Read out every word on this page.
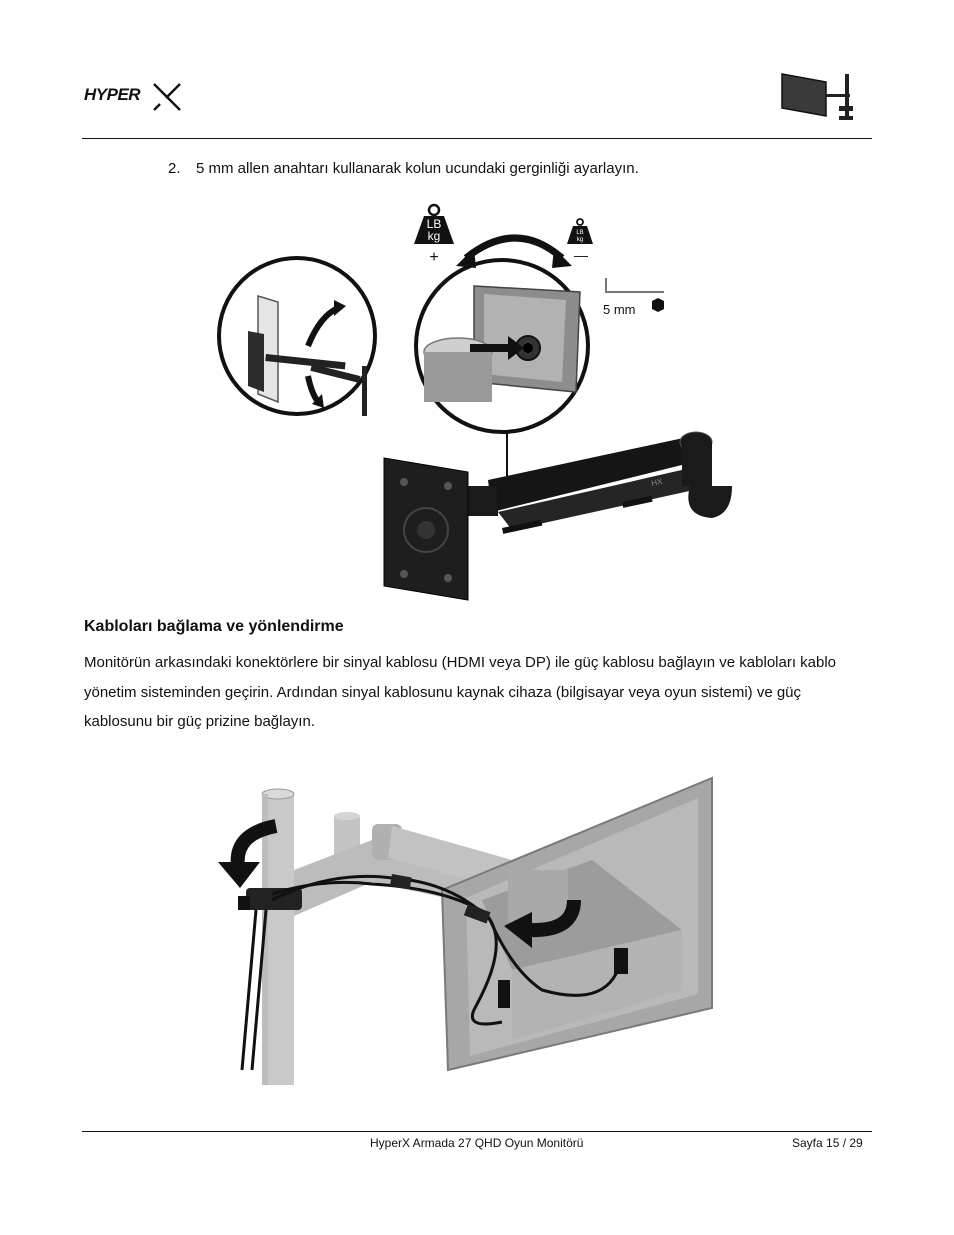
HYPER
2. 5 mm allen anahtarı kullanarak kolun ucundaki gerginliği ayarlayın.
LB
kg
+
LB
kg
—
5 mm
HX
Kabloları bağlama ve yönlendirme
Monitörün arkasındaki konektörlere bir sinyal kablosu (HDMI veya DP) ile güç kablosu bağlayın ve kabloları kablo yönetim sisteminden geçirin. Ardından sinyal kablosunu kaynak cihaza (bilgisayar veya oyun sistemi) ve güç kablosunu bir güç prizine bağlayın.
HyperX Armada 27 QHD Oyun Monitörü	Sayfa 15 / 29
